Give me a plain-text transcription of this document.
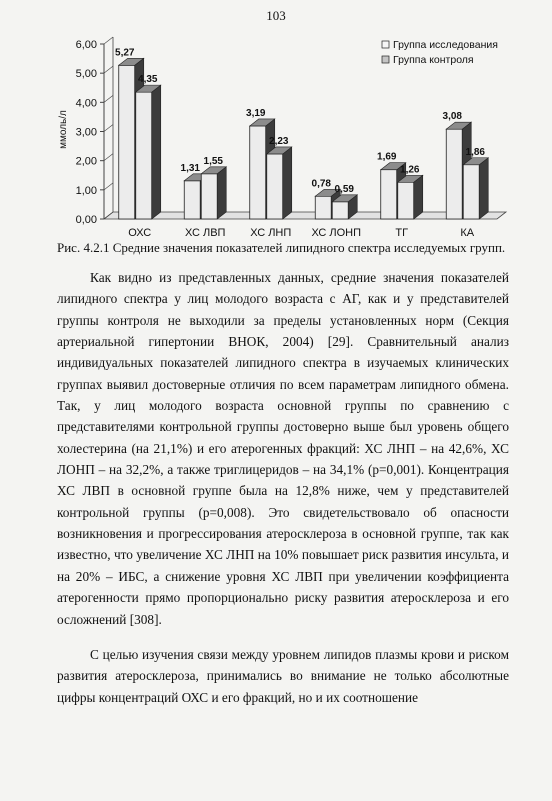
103
0,00
1,00
2,00
3,00
4,00
5,00
6,00
ммоль/л
5,27
4,35
ОХС
1,31
1,55
ХС ЛВП
3,19
2,23
ХС ЛНП
0,78
0,59
ХС ЛОНП
1,69
1,26
ТГ
3,08
1,86
КА
Группа исследования
Группа контроля
Рис. 4.2.1 Средние значения показателей липидного спектра исследуемых групп.

Как видно из представленных данных, средние значения показателей липидного спектра у лиц молодого возраста с АГ, как и у представителей группы контроля не выходили за пределы установленных норм (Секция артериальной гипертонии ВНОК, 2004) [29]. Сравнительный анализ индивидуальных показателей липидного спектра в изучаемых клинических группах выявил достоверные отличия по всем параметрам липидного обмена. Так, у лиц молодого возраста основной группы по сравнению с представителями контрольной группы достоверно выше был уровень общего холестерина (на 21,1%) и его атерогенных фракций: ХС ЛНП – на 42,6%, ХС ЛОНП – на 32,2%, а также триглицеридов – на 34,1% (p=0,001). Концентрация ХС ЛВП в основной группе была на 12,8% ниже, чем у представителей контрольной группы (p=0,008). Это свидетельствовало об опасности возникновения и прогрессирования атеросклероза в основной группе, так как известно, что увеличение ХС ЛНП на 10% повышает риск развития инсульта, и на 20% – ИБС, а снижение уровня ХС ЛВП при увеличении коэффициента атерогенности прямо пропорционально риску развития атеросклероза и его осложнений [308].

С целью изучения связи между уровнем липидов плазмы крови и риском развития атеросклероза, принимались во внимание не только абсолютные цифры концентраций ОХС и его фракций, но и их соотношение
